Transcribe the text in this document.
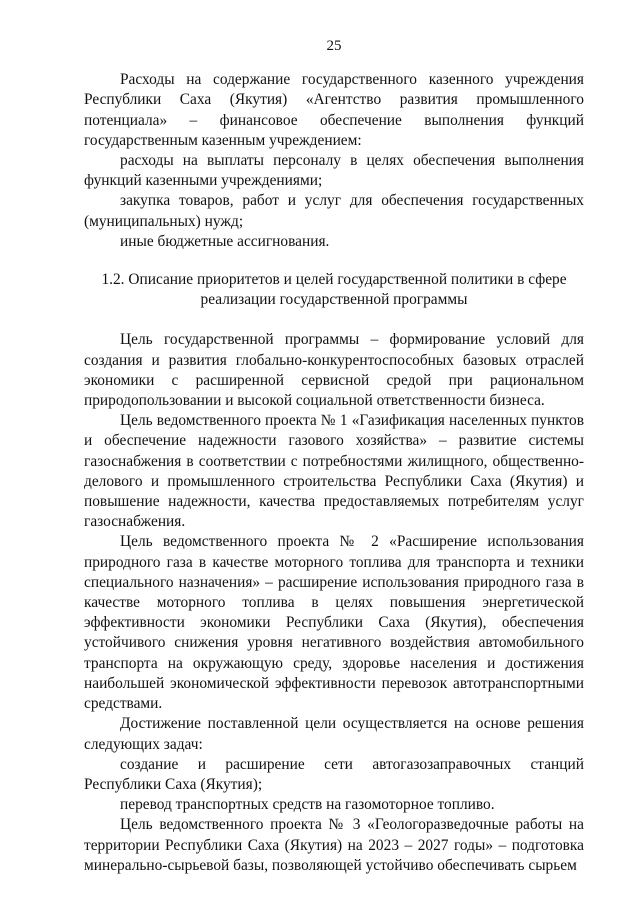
25

Расходы на содержание государственного казенного учреждения Республики Саха (Якутия) «Агентство развития промышленного потенциала» – финансовое обеспечение выполнения функций государственным казенным учреждением:

расходы на выплаты персоналу в целях обеспечения выполнения функций казенными учреждениями;

закупка товаров, работ и услуг для обеспечения государственных (муниципальных) нужд;

иные бюджетные ассигнования.

1.2. Описание приоритетов и целей государственной политики в сфере
реализации государственной программы

Цель государственной программы – формирование условий для создания и развития глобально-конкурентоспособных базовых отраслей экономики с расширенной сервисной средой при рациональном природопользовании и высокой социальной ответственности бизнеса.

Цель ведомственного проекта № 1 «Газификация населенных пунктов и обеспечение надежности газового хозяйства» – развитие системы газоснабжения в соответствии с потребностями жилищного, общественно-делового и промышленного строительства Республики Саха (Якутия) и повышение надежности, качества предоставляемых потребителям услуг газоснабжения.

Цель ведомственного проекта № 2 «Расширение использования природного газа в качестве моторного топлива для транспорта и техники специального назначения» – расширение использования природного газа в качестве моторного топлива в целях повышения энергетической эффективности экономики Республики Саха (Якутия), обеспечения устойчивого снижения уровня негативного воздействия автомобильного транспорта на окружающую среду, здоровье населения и достижения наибольшей экономической эффективности перевозок автотранспортными средствами.

Достижение поставленной цели осуществляется на основе решения следующих задач:

создание и расширение сети автогазозаправочных станций Республики Саха (Якутия);

перевод транспортных средств на газомоторное топливо.

Цель ведомственного проекта № 3 «Геологоразведочные работы на территории Республики Саха (Якутия) на 2023 – 2027 годы» – подготовка минерально-сырьевой базы, позволяющей устойчиво обеспечивать сырьем
